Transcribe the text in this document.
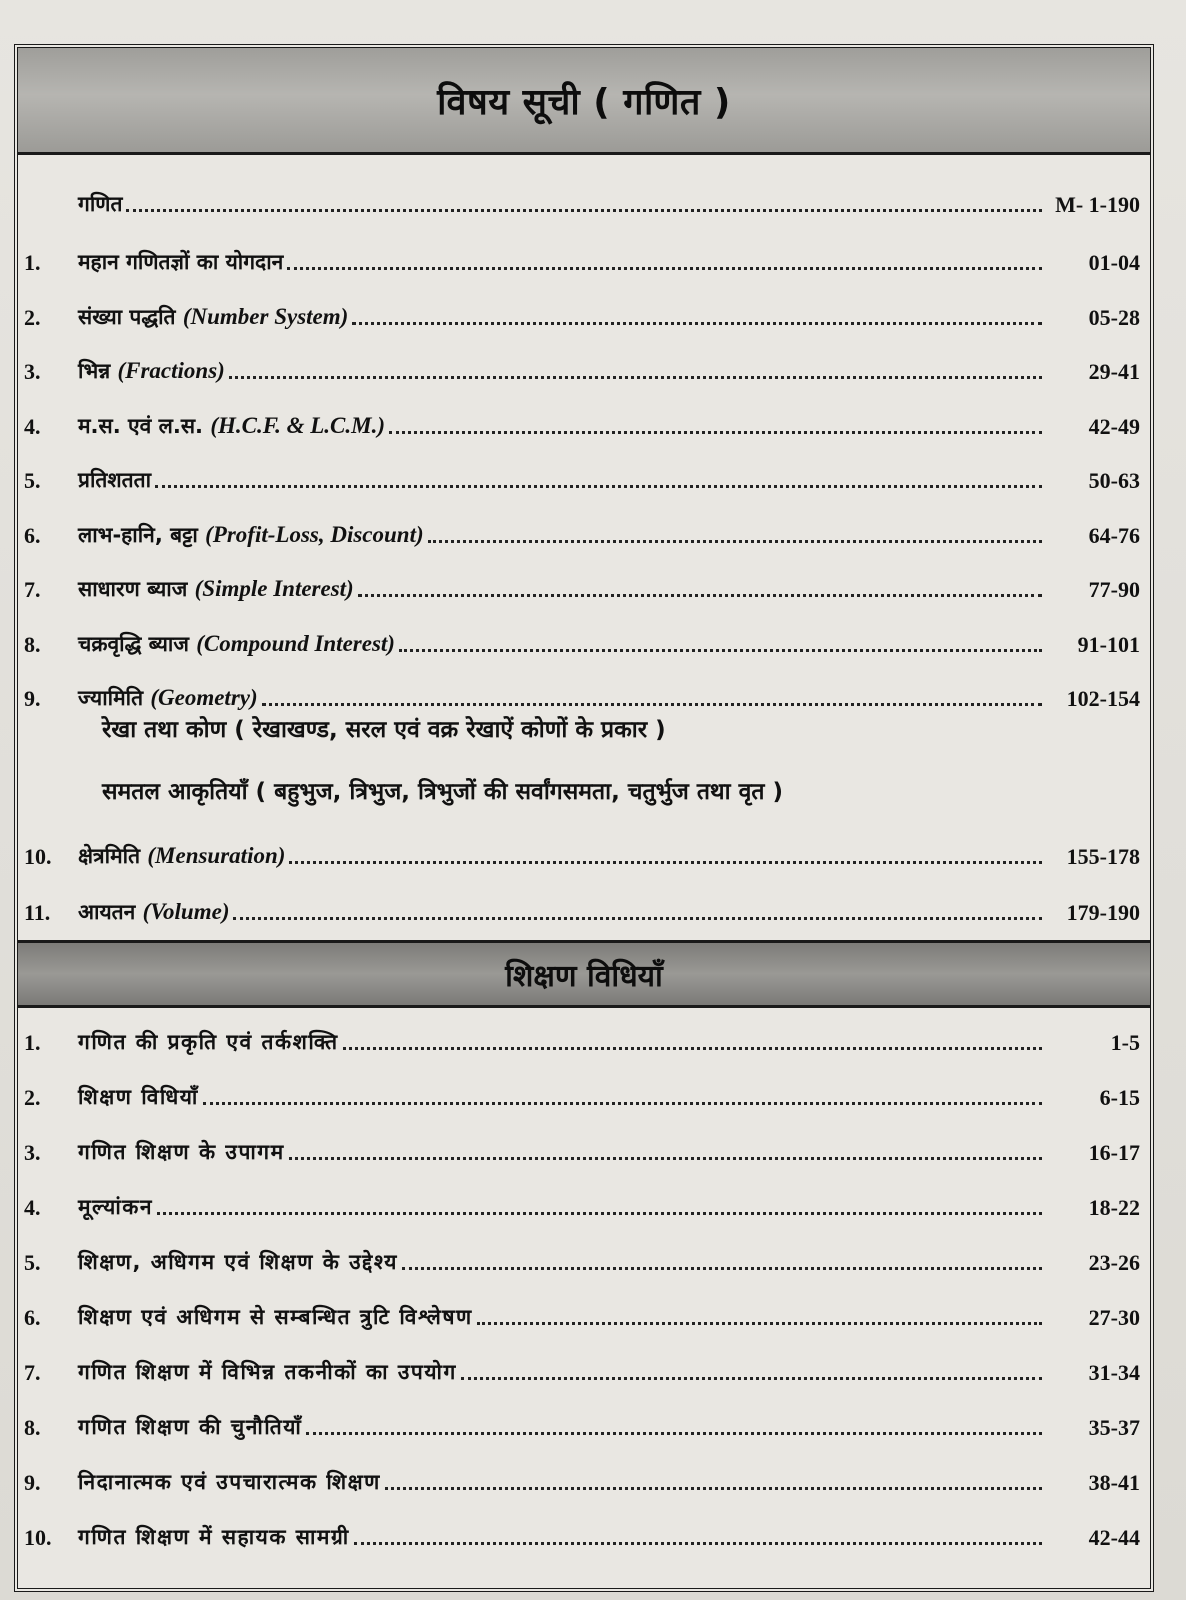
विषय सूची ( गणित )
गणित	M- 1-190
रेखा तथा कोण ( रेखाखण्ड, सरल एवं वक्र रेखाऐं कोणों के प्रकार )
समतल आकृतियाँ ( बहुभुज, त्रिभुज, त्रिभुजों की सर्वांगसमता, चतुर्भुज तथा वृत )
शिक्षण विधियाँ
1.	महान गणितज्ञों का योगदान	01-04
2.	संख्या पद्धति (Number System)	05-28
3.	भिन्न (Fractions)	29-41
4.	म.स. एवं ल.स. (H.C.F. & L.C.M.)	42-49
5.	प्रतिशतता	50-63
6.	लाभ-हानि, बट्टा (Profit-Loss, Discount)	64-76
7.	साधारण ब्याज (Simple Interest)	77-90
8.	चक्रवृद्धि ब्याज (Compound Interest)	91-101
9.	ज्यामिति (Geometry)	102-154
10.	क्षेत्रमिति (Mensuration)	155-178
11.	आयतन (Volume)	179-190
1.	गणित की प्रकृति एवं तर्कशक्ति	1-5
2.	शिक्षण विधियाँ	6-15
3.	गणित शिक्षण के उपागम	16-17
4.	मूल्यांकन	18-22
5.	शिक्षण, अधिगम एवं शिक्षण के उद्देश्य	23-26
6.	शिक्षण एवं अधिगम से सम्बन्धित त्रुटि विश्लेषण	27-30
7.	गणित शिक्षण में विभिन्न तकनीकों का उपयोग	31-34
8.	गणित शिक्षण की चुनौतियाँ	35-37
9.	निदानात्मक एवं उपचारात्मक शिक्षण	38-41
10.	गणित शिक्षण में सहायक सामग्री	42-44
